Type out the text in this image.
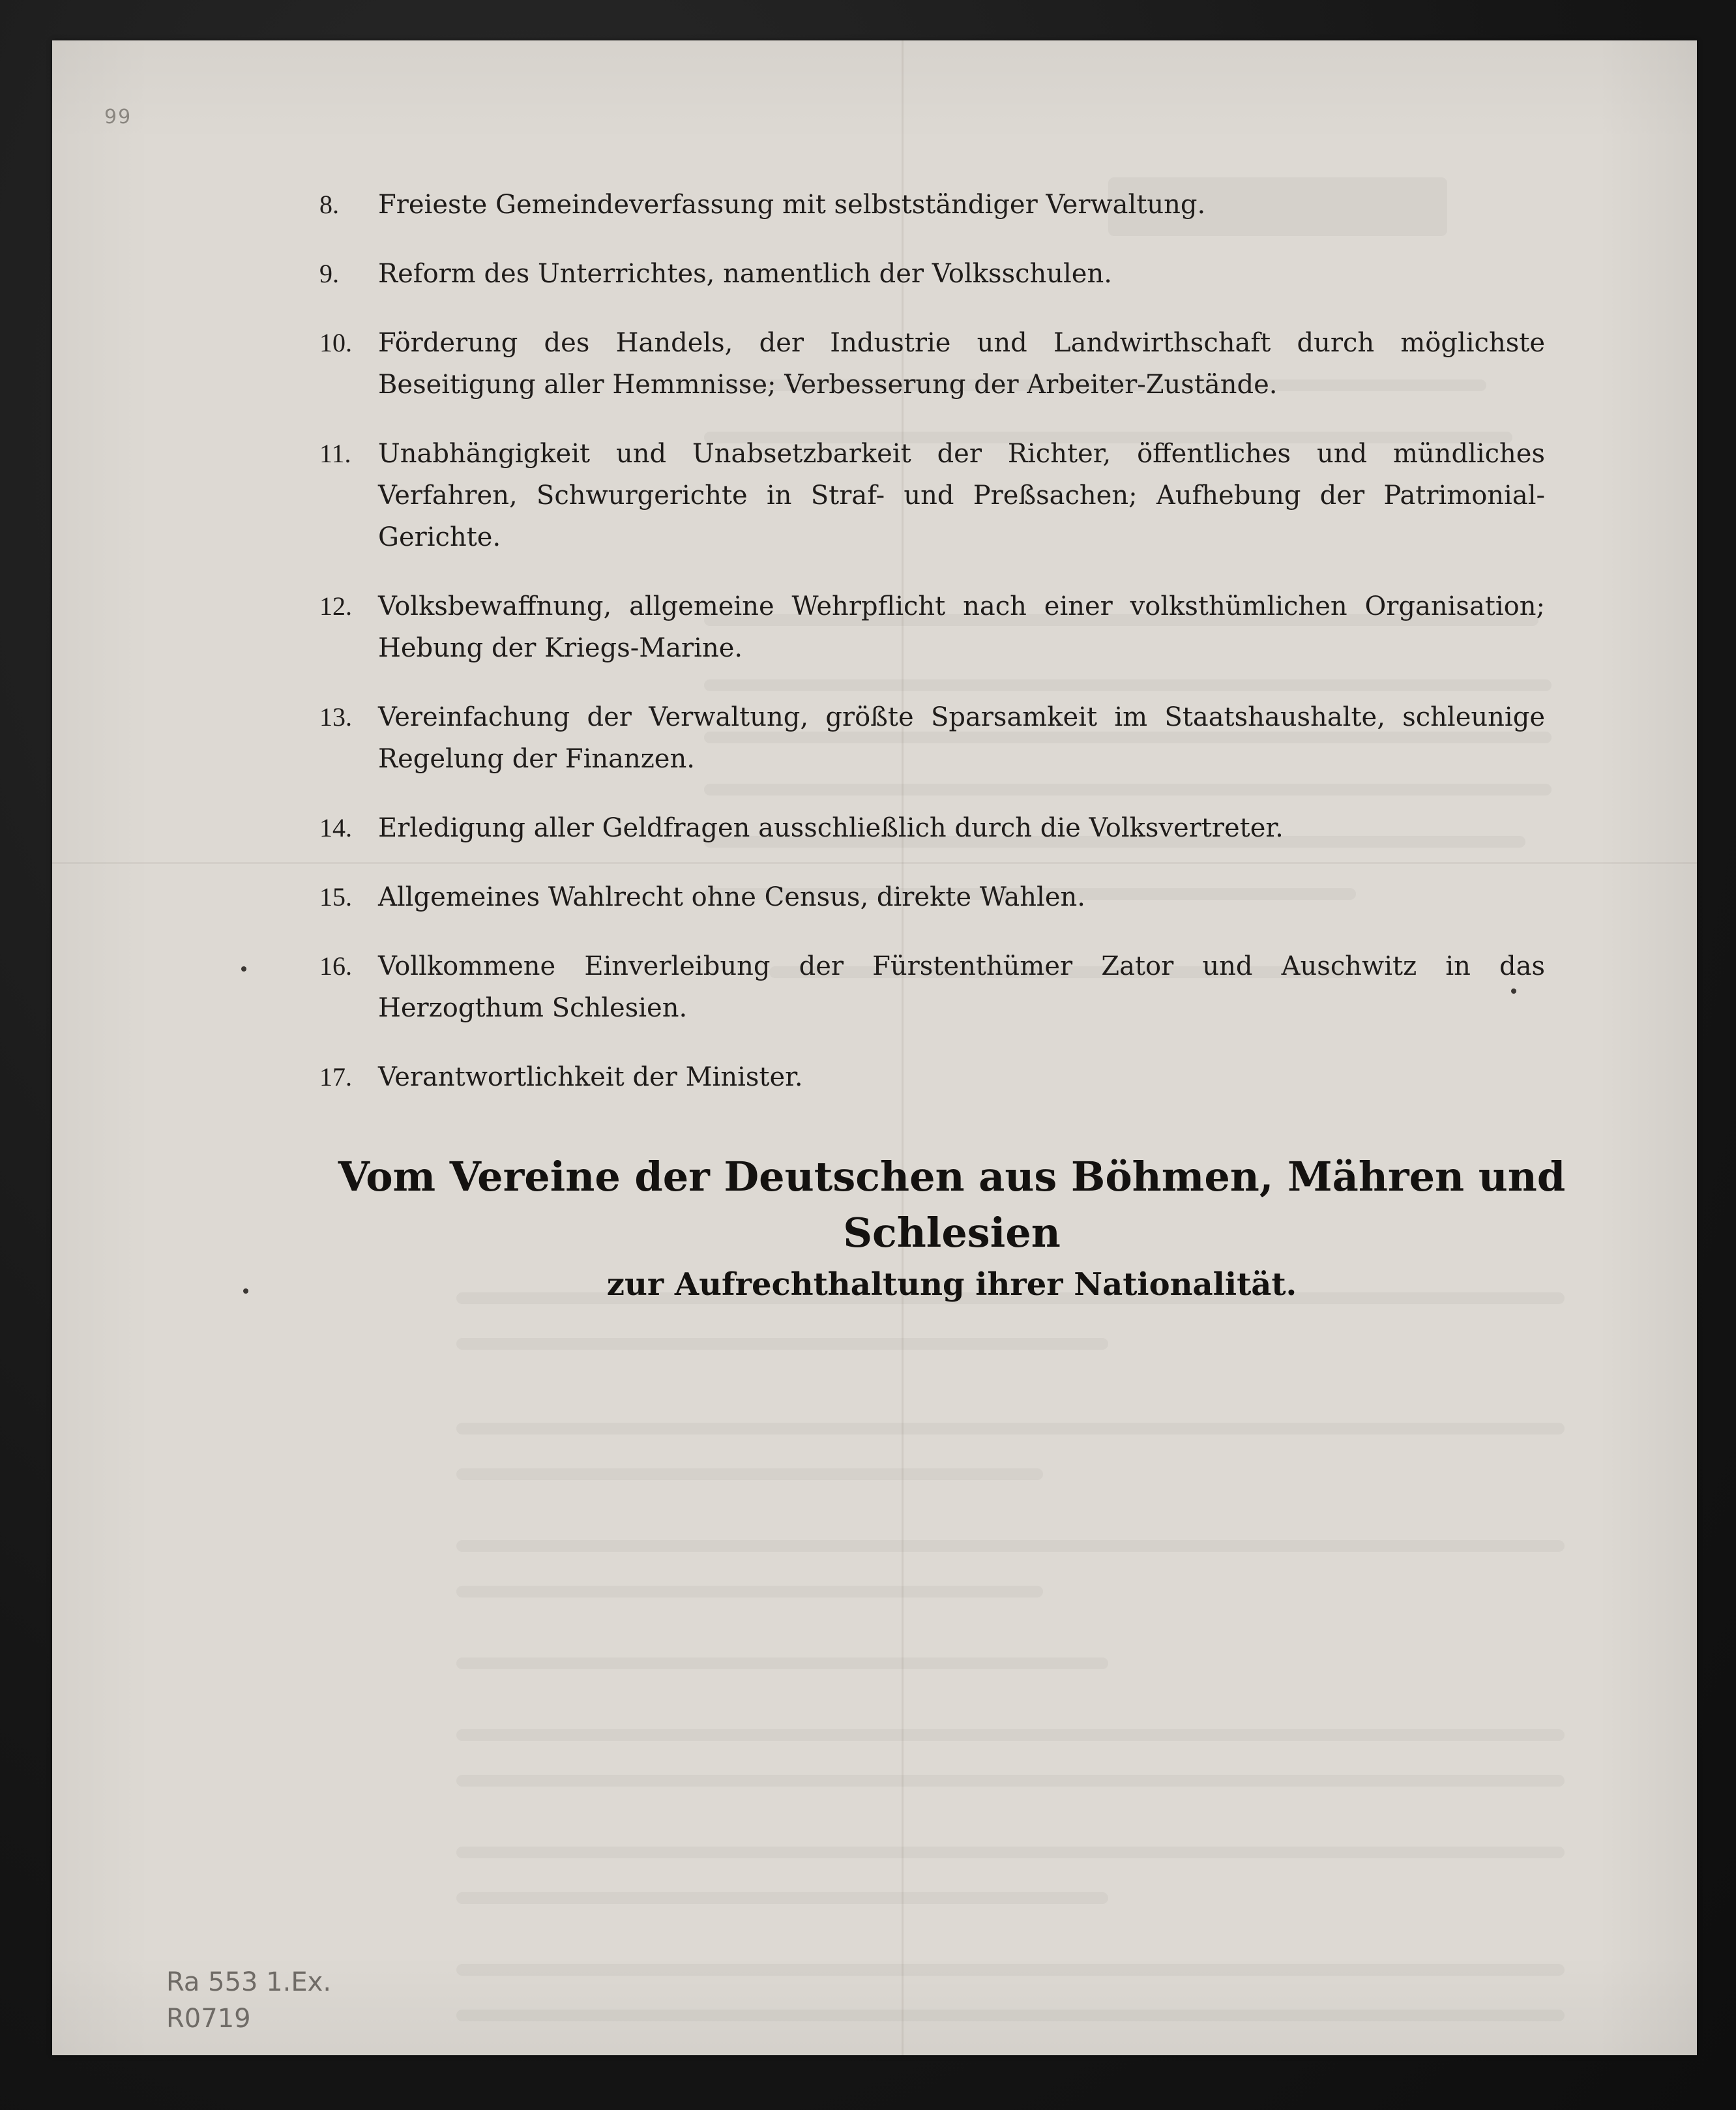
99
8.	Freieste Gemeindeverfassung mit selbstständiger Verwaltung.
9.	Reform des Unterrichtes, namentlich der Volksschulen.
10.	Förderung des Handels, der Industrie und Landwirthschaft durch möglichste Beseitigung aller Hemmnisse; Verbesserung der Arbeiter-Zustände.
11.	Unabhängigkeit und Unabsetzbarkeit der Richter, öffentliches und mündliches Verfahren, Schwurgerichte in Straf- und Preßsachen; Aufhebung der Patrimonial-Gerichte.
12.	Volksbewaffnung, allgemeine Wehrpflicht nach einer volksthümlichen Organisation; Hebung der Kriegs-Marine.
13.	Vereinfachung der Verwaltung, größte Sparsamkeit im Staatshaushalte, schleunige Regelung der Finanzen.
14.	Erledigung aller Geldfragen ausschließlich durch die Volksvertreter.
15.	Allgemeines Wahlrecht ohne Census, direkte Wahlen.
16.	Vollkommene Einverleibung der Fürstenthümer Zator und Auschwitz in das Herzogthum Schlesien.
17.	Verantwortlichkeit der Minister.
Vom Vereine der Deutschen aus Böhmen, Mähren und Schlesien
zur Aufrechthaltung ihrer Nationalität.
Ra 553 1.Ex.
R0719
